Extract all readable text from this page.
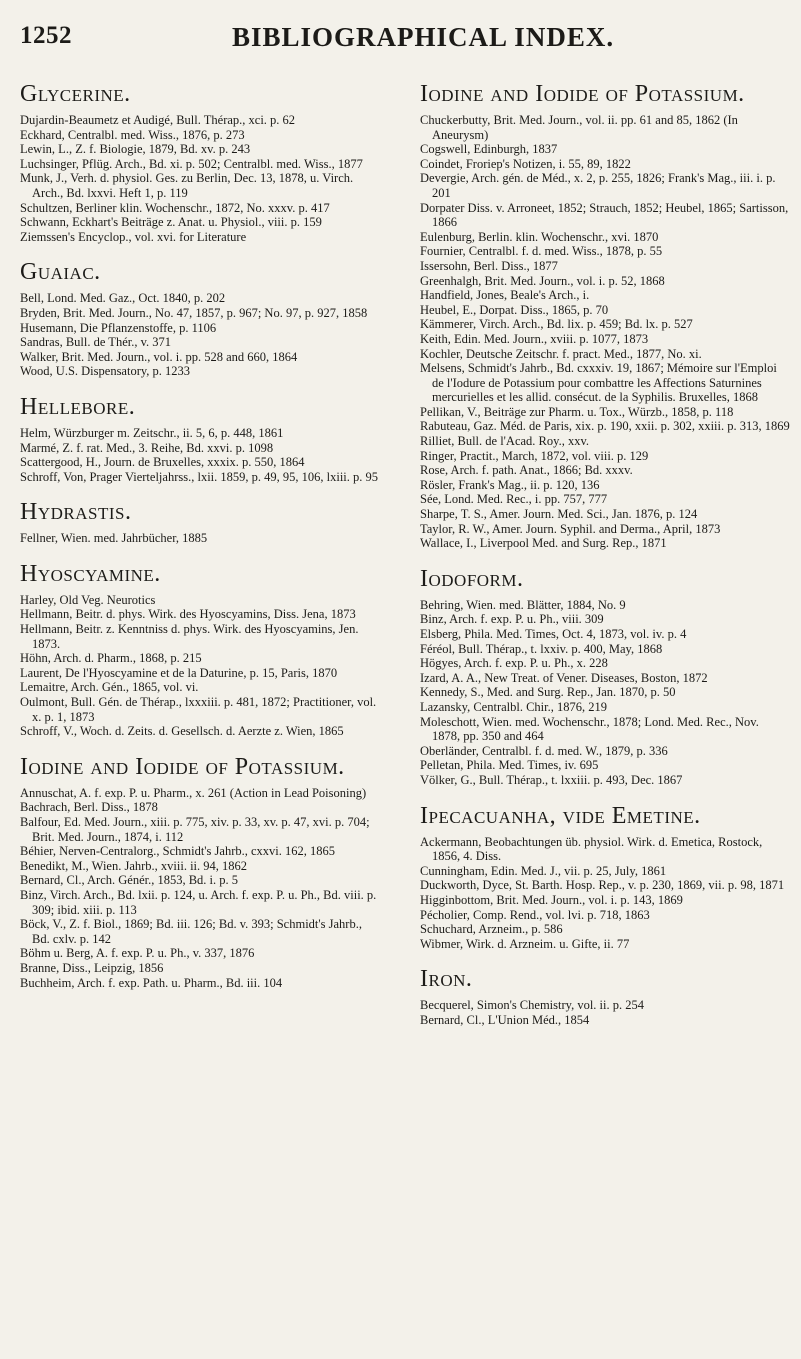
1252	BIBLIOGRAPHICAL INDEX.
Glycerine.

Dujardin-Beaumetz et Audigé, Bull. Thérap., xci. p. 62

Eckhard, Centralbl. med. Wiss., 1876, p. 273

Lewin, L., Z. f. Biologie, 1879, Bd. xv. p. 243

Luchsinger, Pflüg. Arch., Bd. xi. p. 502; Centralbl. med. Wiss., 1877

Munk, J., Verh. d. physiol. Ges. zu Berlin, Dec. 13, 1878, u. Virch. Arch., Bd. lxxvi. Heft 1, p. 119

Schultzen, Berliner klin. Wochenschr., 1872, No. xxxv. p. 417

Schwann, Eckhart's Beiträge z. Anat. u. Physiol., viii. p. 159

Ziemssen's Encyclop., vol. xvi. for Literature

Guaiac.

Bell, Lond. Med. Gaz., Oct. 1840, p. 202

Bryden, Brit. Med. Journ., No. 47, 1857, p. 967; No. 97, p. 927, 1858

Husemann, Die Pflanzenstoffe, p. 1106

Sandras, Bull. de Thér., v. 371

Walker, Brit. Med. Journ., vol. i. pp. 528 and 660, 1864

Wood, U.S. Dispensatory, p. 1233

Hellebore.

Helm, Würzburger m. Zeitschr., ii. 5, 6, p. 448, 1861

Marmé, Z. f. rat. Med., 3. Reihe, Bd. xxvi. p. 1098

Scattergood, H., Journ. de Bruxelles, xxxix. p. 550, 1864

Schroff, Von, Prager Vierteljahrss., lxii. 1859, p. 49, 95, 106, lxiii. p. 95

Hydrastis.

Fellner, Wien. med. Jahrbücher, 1885

Hyoscyamine.

Harley, Old Veg. Neurotics

Hellmann, Beitr. d. phys. Wirk. des Hyoscyamins, Diss. Jena, 1873

Hellmann, Beitr. z. Kenntniss d. phys. Wirk. des Hyoscyamins, Jen. 1873.

Höhn, Arch. d. Pharm., 1868, p. 215

Laurent, De l'Hyoscyamine et de la Daturine, p. 15, Paris, 1870

Lemaitre, Arch. Gén., 1865, vol. vi.

Oulmont, Bull. Gén. de Thérap., lxxxiii. p. 481, 1872; Practitioner, vol. x. p. 1, 1873

Schroff, V., Woch. d. Zeits. d. Gesellsch. d. Aerzte z. Wien, 1865

Iodine and Iodide of Potassium.

Annuschat, A. f. exp. P. u. Pharm., x. 261 (Action in Lead Poisoning)

Bachrach, Berl. Diss., 1878

Balfour, Ed. Med. Journ., xiii. p. 775, xiv. p. 33, xv. p. 47, xvi. p. 704; Brit. Med. Journ., 1874, i. 112

Béhier, Nerven-Centralorg., Schmidt's Jahrb., cxxvi. 162, 1865

Benedikt, M., Wien. Jahrb., xviii. ii. 94, 1862

Bernard, Cl., Arch. Génér., 1853, Bd. i. p. 5

Binz, Virch. Arch., Bd. lxii. p. 124, u. Arch. f. exp. P. u. Ph., Bd. viii. p. 309; ibid. xiii. p. 113

Böck, V., Z. f. Biol., 1869; Bd. iii. 126; Bd. v. 393; Schmidt's Jahrb., Bd. cxlv. p. 142

Böhm u. Berg, A. f. exp. P. u. Ph., v. 337, 1876

Branne, Diss., Leipzig, 1856

Buchheim, Arch. f. exp. Path. u. Pharm., Bd. iii. 104

Iodine and Iodide of Potassium.

Chuckerbutty, Brit. Med. Journ., vol. ii. pp. 61 and 85, 1862 (In Aneurysm)

Cogswell, Edinburgh, 1837

Coindet, Froriep's Notizen, i. 55, 89, 1822

Devergie, Arch. gén. de Méd., x. 2, p. 255, 1826; Frank's Mag., iii. i. p. 201

Dorpater Diss. v. Arroneet, 1852; Strauch, 1852; Heubel, 1865; Sartisson, 1866

Eulenburg, Berlin. klin. Wochenschr., xvi. 1870

Fournier, Centralbl. f. d. med. Wiss., 1878, p. 55

Issersohn, Berl. Diss., 1877

Greenhalgh, Brit. Med. Journ., vol. i. p. 52, 1868

Handfield, Jones, Beale's Arch., i.

Heubel, E., Dorpat. Diss., 1865, p. 70

Kämmerer, Virch. Arch., Bd. lix. p. 459; Bd. lx. p. 527

Keith, Edin. Med. Journ., xviii. p. 1077, 1873

Kochler, Deutsche Zeitschr. f. pract. Med., 1877, No. xi.

Melsens, Schmidt's Jahrb., Bd. cxxxiv. 19, 1867; Mémoire sur l'Emploi de l'Iodure de Potassium pour combattre les Affections Saturnines mercurielles et les allid. consécut. de la Syphilis. Bruxelles, 1868

Pellikan, V., Beiträge zur Pharm. u. Tox., Würzb., 1858, p. 118

Rabuteau, Gaz. Méd. de Paris, xix. p. 190, xxii. p. 302, xxiii. p. 313, 1869

Rilliet, Bull. de l'Acad. Roy., xxv.

Ringer, Practit., March, 1872, vol. viii. p. 129

Rose, Arch. f. path. Anat., 1866; Bd. xxxv.

Rösler, Frank's Mag., ii. p. 120, 136

Sée, Lond. Med. Rec., i. pp. 757, 777

Sharpe, T. S., Amer. Journ. Med. Sci., Jan. 1876, p. 124

Taylor, R. W., Amer. Journ. Syphil. and Derma., April, 1873

Wallace, I., Liverpool Med. and Surg. Rep., 1871

Iodoform.

Behring, Wien. med. Blätter, 1884, No. 9

Binz, Arch. f. exp. P. u. Ph., viii. 309

Elsberg, Phila. Med. Times, Oct. 4, 1873, vol. iv. p. 4

Féréol, Bull. Thérap., t. lxxiv. p. 400, May, 1868

Högyes, Arch. f. exp. P. u. Ph., x. 228

Izard, A. A., New Treat. of Vener. Diseases, Boston, 1872

Kennedy, S., Med. and Surg. Rep., Jan. 1870, p. 50

Lazansky, Centralbl. Chir., 1876, 219

Moleschott, Wien. med. Wochenschr., 1878; Lond. Med. Rec., Nov. 1878, pp. 350 and 464

Oberländer, Centralbl. f. d. med. W., 1879, p. 336

Pelletan, Phila. Med. Times, iv. 695

Völker, G., Bull. Thérap., t. lxxiii. p. 493, Dec. 1867

Ipecacuanha, vide Emetine.

Ackermann, Beobachtungen üb. physiol. Wirk. d. Emetica, Rostock, 1856, 4. Diss.

Cunningham, Edin. Med. J., vii. p. 25, July, 1861

Duckworth, Dyce, St. Barth. Hosp. Rep., v. p. 230, 1869, vii. p. 98, 1871

Higginbottom, Brit. Med. Journ., vol. i. p. 143, 1869

Pécholier, Comp. Rend., vol. lvi. p. 718, 1863

Schuchard, Arzneim., p. 586

Wibmer, Wirk. d. Arzneim. u. Gifte, ii. 77

Iron.

Becquerel, Simon's Chemistry, vol. ii. p. 254

Bernard, Cl., L'Union Méd., 1854
